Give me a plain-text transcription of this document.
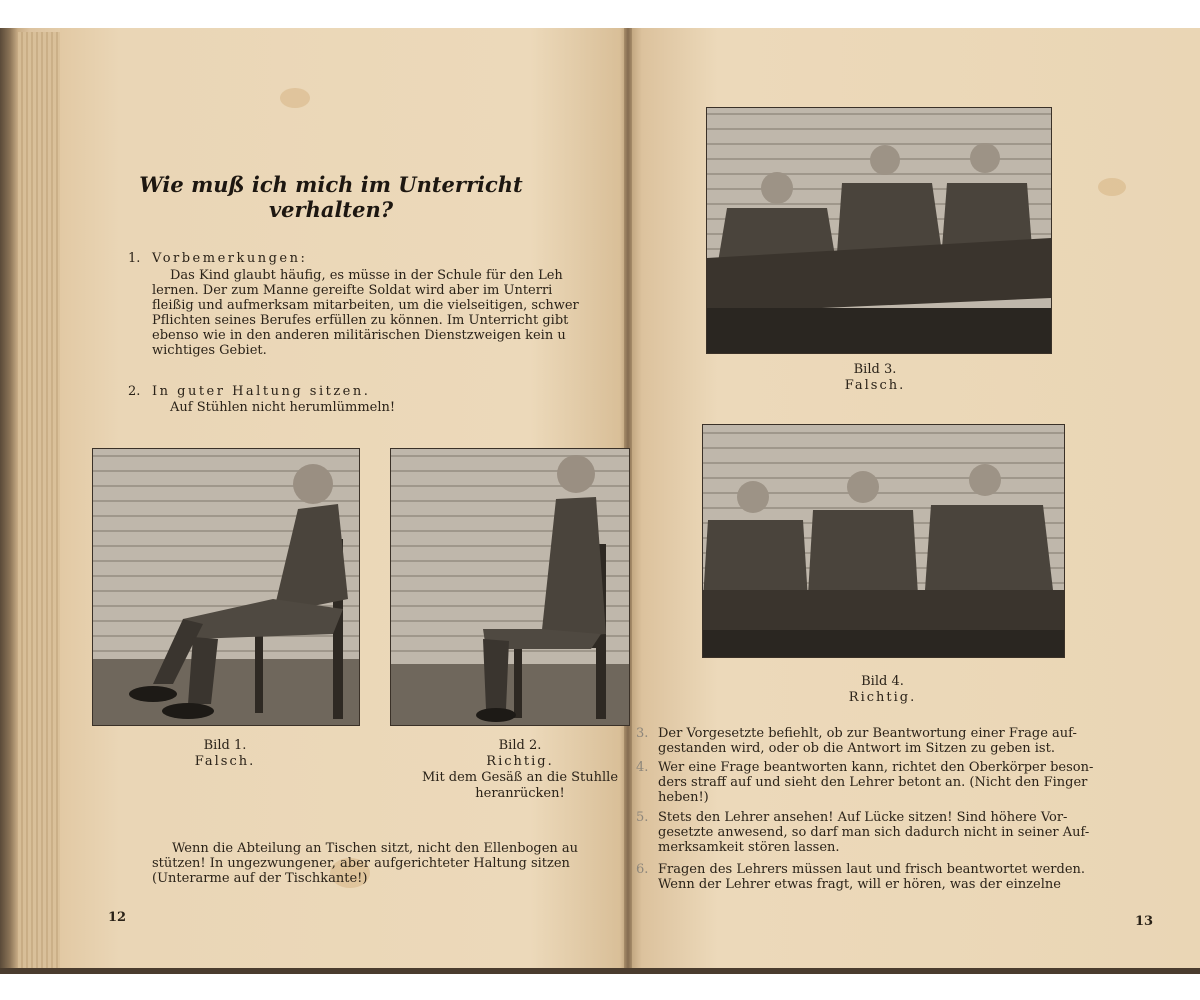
Wie muß ich mich im Unterricht verhalten?
1. Vorbemerkungen:
Das Kind glaubt häufig, es müsse in der Schule für den Leh
lernen. Der zum Manne gereifte Soldat wird aber im Unterri
fleißig und aufmerksam mitarbeiten, um die vielseitigen, schwer
Pflichten seines Berufes erfüllen zu können. Im Unterricht gibt
ebenso wie in den anderen militärischen Dienstzweigen kein u
wichtiges Gebiet.
2. In guter Haltung sitzen.
Auf Stühlen nicht herumlümmeln!
Bild 1.
Falsch.
Bild 2.
Richtig.
Mit dem Gesäß an die Stuhlle
heranrücken!
Wenn die Abteilung an Tischen sitzt, nicht den Ellenbogen au
stützen! In ungezwungener, aber aufgerichteter Haltung sitzen
(Unterarme auf der Tischkante!)
12
Bild 3.
Falsch.
Bild 4.
Richtig.
3. Der Vorgesetzte befiehlt, ob zur Beantwortung einer Frage auf-
gestanden wird, oder ob die Antwort im Sitzen zu geben ist.
4. Wer eine Frage beantworten kann, richtet den Oberkörper beson-
ders straff auf und sieht den Lehrer betont an. (Nicht den Finger
heben!)
5. Stets den Lehrer ansehen! Auf Lücke sitzen! Sind höhere Vor-
gesetzte anwesend, so darf man sich dadurch nicht in seiner Auf-
merksamkeit stören lassen.
6. Fragen des Lehrers müssen laut und frisch beantwortet werden.
Wenn der Lehrer etwas fragt, will er hören, was der einzelne
13
